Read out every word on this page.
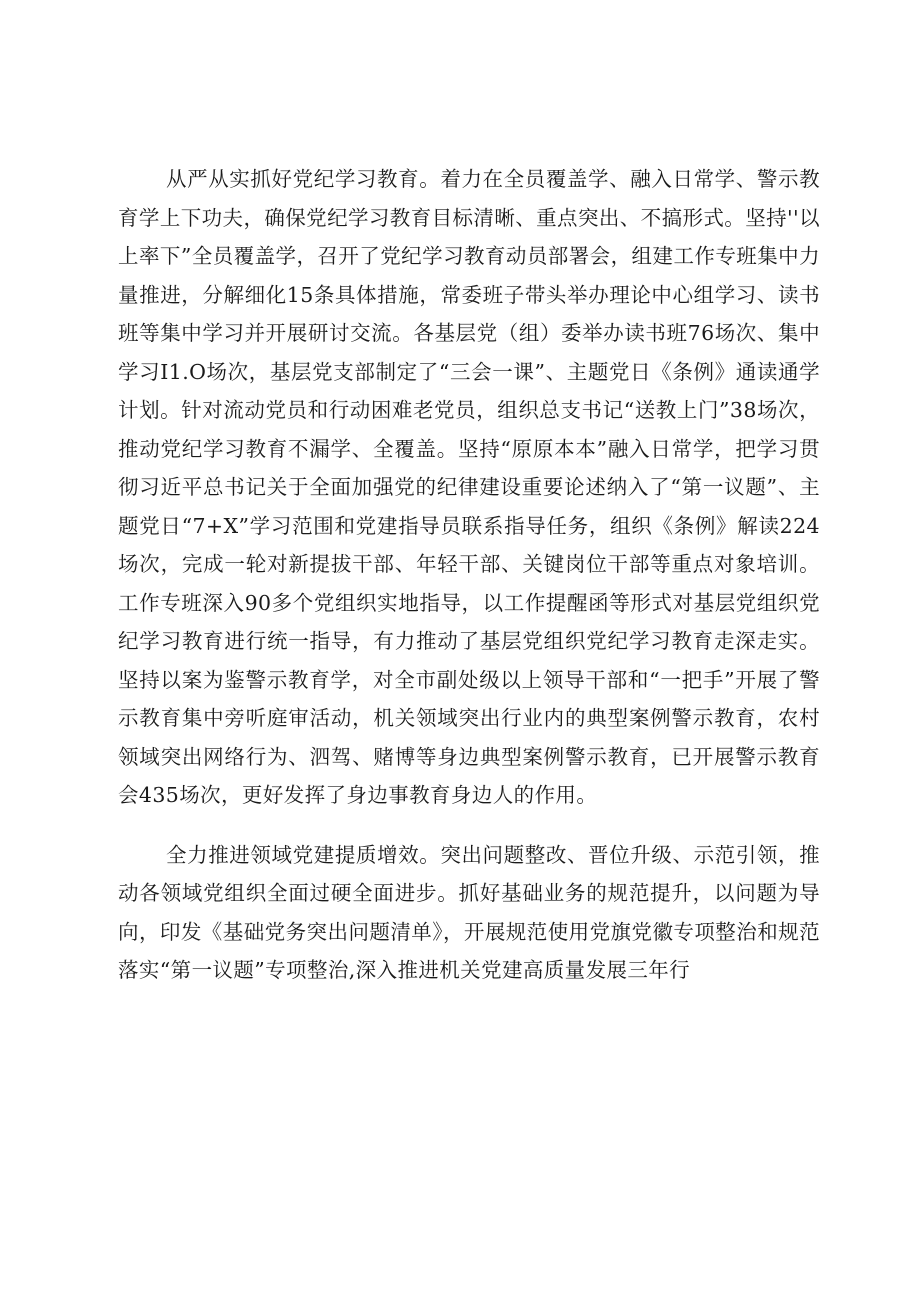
从严从实抓好党纪学习教育。着力在全员覆盖学、融入日常学、警示教育学上下功夫，确保党纪学习教育目标清晰、重点突出、不搞形式。坚持''以上率下”全员覆盖学，召开了党纪学习教育动员部署会，组建工作专班集中力量推进，分解细化15条具体措施，常委班子带头举办理论中心组学习、读书班等集中学习并开展研讨交流。各基层党（组）委举办读书班76场次、集中学习I1.O场次，基层党支部制定了“三会一课”、主题党日《条例》通读通学计划。针对流动党员和行动困难老党员，组织总支书记“送教上门”38场次，推动党纪学习教育不漏学、全覆盖。坚持“原原本本”融入日常学，把学习贯彻习近平总书记关于全面加强党的纪律建设重要论述纳入了“第一议题”、主题党日“7+X”学习范围和党建指导员联系指导任务，组织《条例》解读224场次，完成一轮对新提拔干部、年轻干部、关键岗位干部等重点对象培训。工作专班深入90多个党组织实地指导，以工作提醒函等形式对基层党组织党纪学习教育进行统一指导，有力推动了基层党组织党纪学习教育走深走实。坚持以案为鉴警示教育学，对全市副处级以上领导干部和“一把手”开展了警示教育集中旁听庭审活动，机关领域突出行业内的典型案例警示教育，农村领域突出网络行为、泗驾、赌博等身边典型案例警示教育，已开展警示教育会435场次，更好发挥了身边事教育身边人的作用。

全力推进领域党建提质增效。突出问题整改、晋位升级、示范引领，推动各领域党组织全面过硬全面进步。抓好基础业务的规范提升，以问题为导向，印发《基础党务突出问题清单》，开展规范使用党旗党徽专项整治和规范落实“第一议题”专项整治,深入推进机关党建高质量发展三年行
